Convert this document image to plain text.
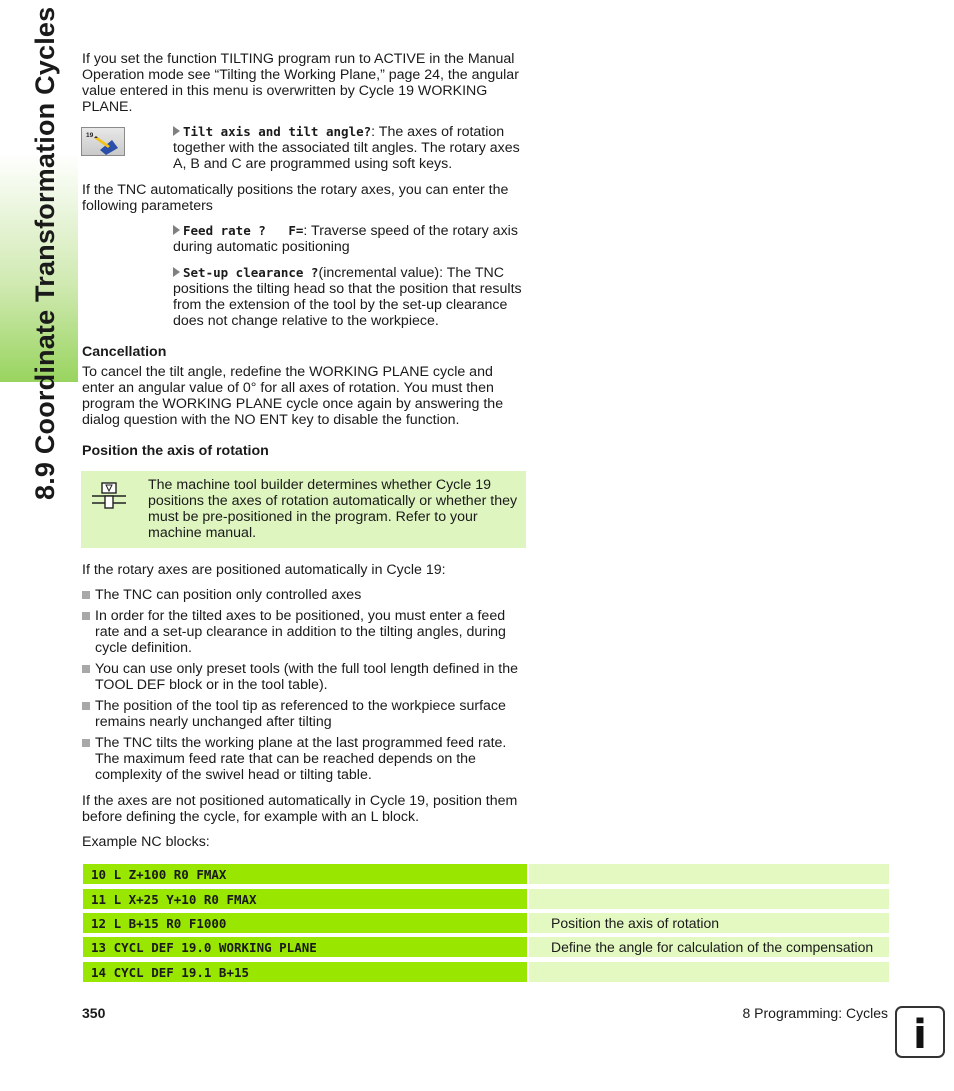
8.9 Coordinate Transformation Cycles If you set the function TILTING program run to ACTIVE in the Manual Operation mode see “Tilting the Working Plane,” page 24, the angular value entered in this menu is overwritten by Cycle 19 WORKING PLANE.

19	Tilt axis and tilt angle?: The axes of rotation together with the associated tilt angles. The rotary axes A, B and C are programmed using soft keys.

If the TNC automatically positions the rotary axes, you can enter the following parameters

Feed rate ?   F=: Traverse speed of the rotary axis during automatic positioning
Set-up clearance ?(incremental value): The TNC positions the tilting head so that the position that results from the extension of the tool by the set-up clearance does not change relative to the workpiece.
Cancellation

To cancel the tilt angle, redefine the WORKING PLANE cycle and enter an angular value of 0° for all axes of rotation. You must then program the WORKING PLANE cycle once again by answering the dialog question with the NO ENT key to disable the function.

Position the axis of rotation

The machine tool builder determines whether Cycle 19 positions the axes of rotation automatically or whether they must be pre-positioned in the program. Refer to your machine manual.

If the rotary axes are positioned automatically in Cycle 19:

The TNC can position only controlled axes
In order for the tilted axes to be positioned, you must enter a feed rate and a set-up clearance in addition to the tilting angles, during cycle definition.
You can use only preset tools (with the full tool length defined in the TOOL DEF block or in the tool table).
The position of the tool tip as referenced to the workpiece surface remains nearly unchanged after tilting
The TNC tilts the working plane at the last programmed feed rate. The maximum feed rate that can be reached depends on the complexity of the swivel head or tilting table.

If the axes are not positioned automatically in Cycle 19, position them before defining the cycle, for example with an L block.

Example NC blocks:

10 L Z+100 R0 FMAX
11 L X+25 Y+10 R0 FMAX
12 L B+15 R0 F1000	Position the axis of rotation
13 CYCL DEF 19.0 WORKING PLANE	Define the angle for calculation of the compensation
14 CYCL DEF 19.1 B+15
350	8 Programming: Cycles i
